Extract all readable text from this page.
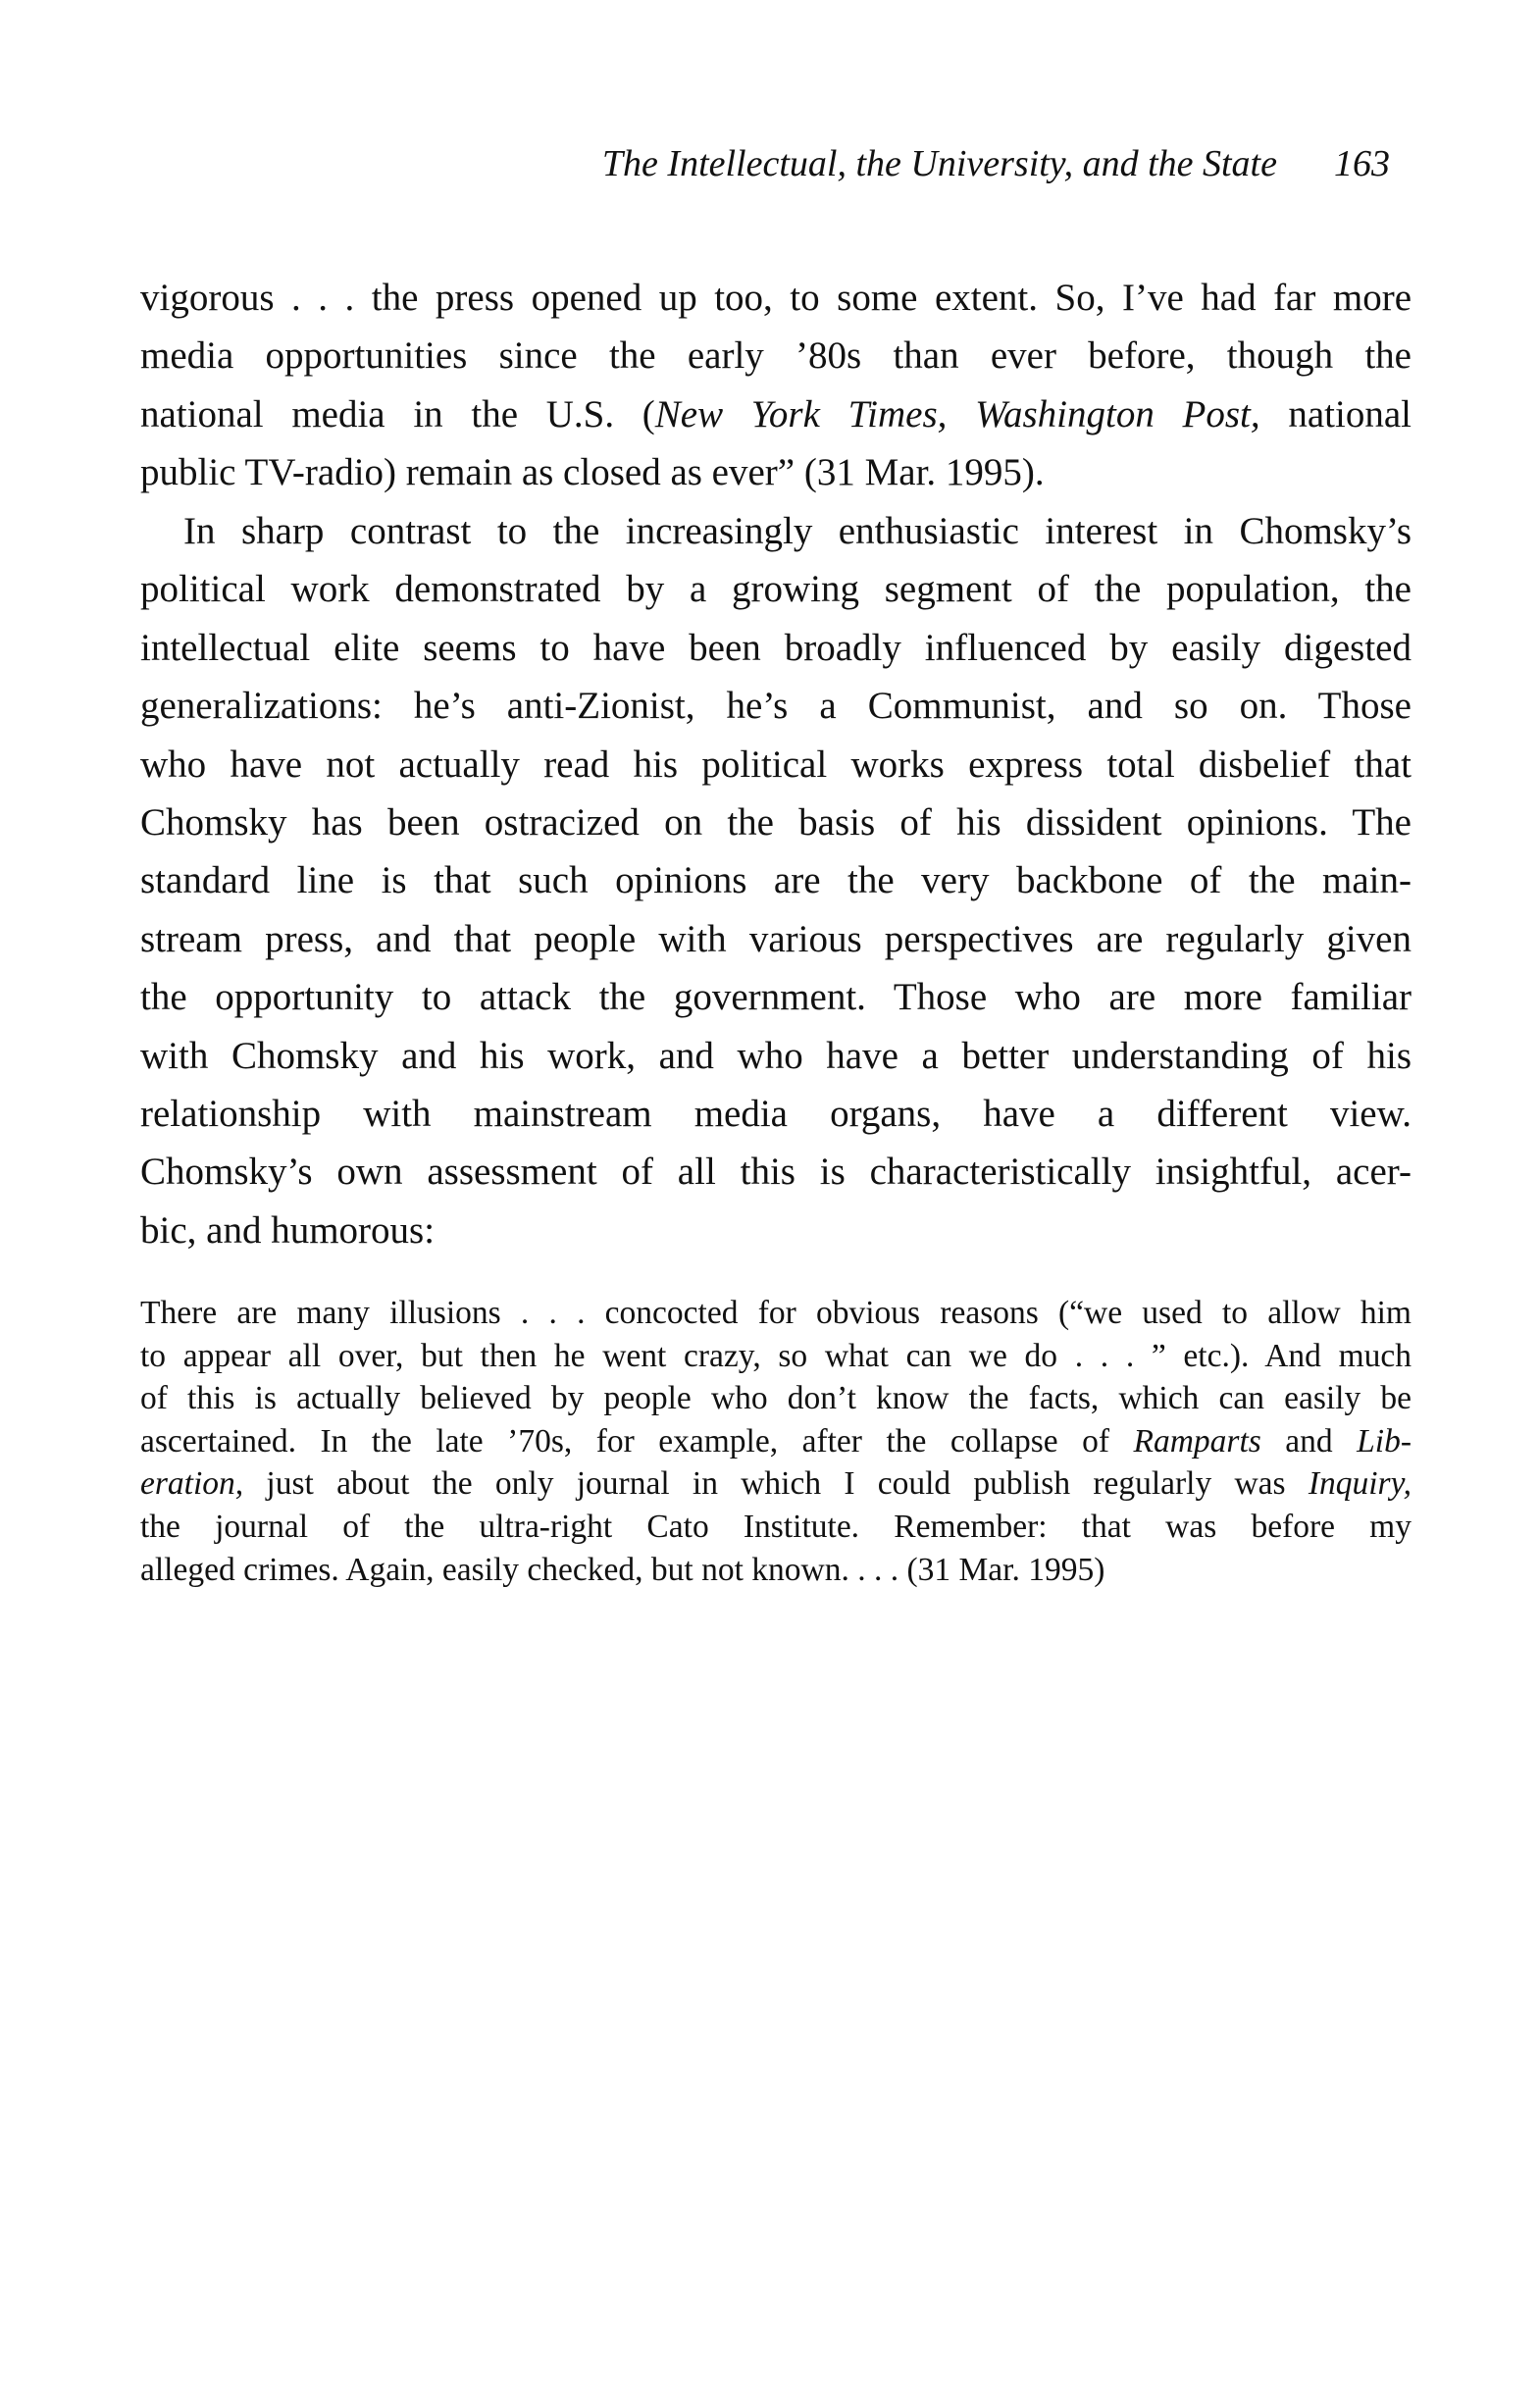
The Intellectual, the University, and the State 163
vigorous . . . the press opened up too, to some extent. So, I’ve had far more
media opportunities since the early ’80s than ever before, though the
national media in the U.S. (New York Times, Washington Post, national
public TV-radio) remain as closed as ever” (31 Mar. 1995).
In sharp contrast to the increasingly enthusiastic interest in Chomsky’s
political work demonstrated by a growing segment of the population, the
intellectual elite seems to have been broadly influenced by easily digested
generalizations: he’s anti-Zionist, he’s a Communist, and so on. Those
who have not actually read his political works express total disbelief that
Chomsky has been ostracized on the basis of his dissident opinions. The
standard line is that such opinions are the very backbone of the main-
stream press, and that people with various perspectives are regularly given
the opportunity to attack the government. Those who are more familiar
with Chomsky and his work, and who have a better understanding of his
relationship with mainstream media organs, have a different view.
Chomsky’s own assessment of all this is characteristically insightful, acer-
bic, and humorous:
There are many illusions . . . concocted for obvious reasons (“we used to allow him
to appear all over, but then he went crazy, so what can we do . . . ” etc.). And much
of this is actually believed by people who don’t know the facts, which can easily be
ascertained. In the late ’70s, for example, after the collapse of Ramparts and Lib-
eration, just about the only journal in which I could publish regularly was Inquiry,
the journal of the ultra-right Cato Institute. Remember: that was before my
alleged crimes. Again, easily checked, but not known. . . . (31 Mar. 1995)
